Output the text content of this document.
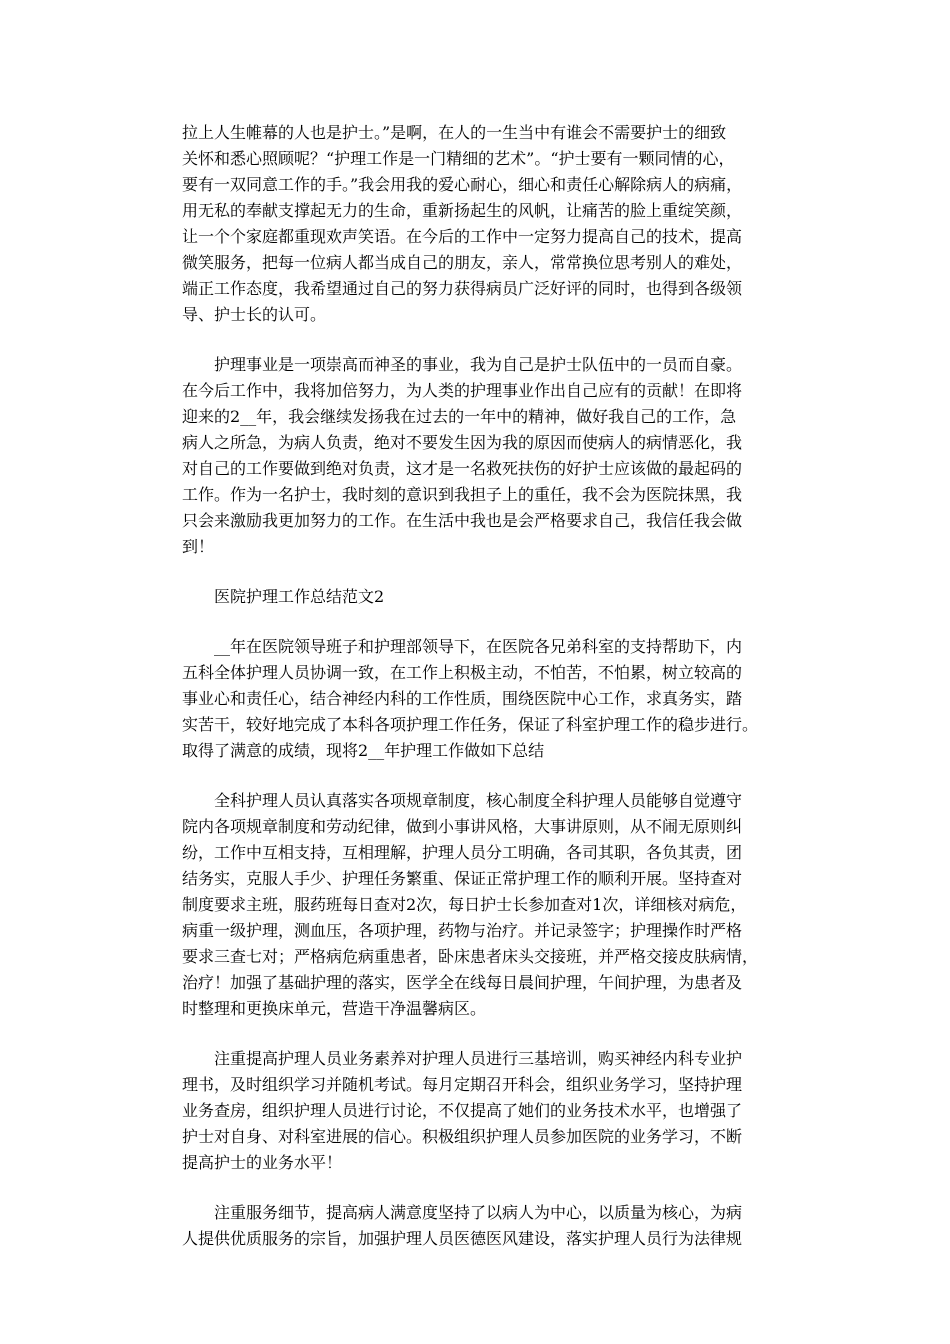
拉上人生帷幕的人也是护士。”是啊，在人的一生当中有谁会不需要护士的细致
关怀和悉心照顾呢？“护理工作是一门精细的艺术”。“护士要有一颗同情的心，
要有一双同意工作的手。”我会用我的爱心耐心，细心和责任心解除病人的病痛，
用无私的奉献支撑起无力的生命，重新扬起生的风帆，让痛苦的脸上重绽笑颜，
让一个个家庭都重现欢声笑语。在今后的工作中一定努力提高自己的技术，提高
微笑服务，把每一位病人都当成自己的朋友，亲人，常常换位思考别人的难处，
端正工作态度，我希望通过自己的努力获得病员广泛好评的同时，也得到各级领
导、护士长的认可。
护理事业是一项崇高而神圣的事业，我为自己是护士队伍中的一员而自豪。
在今后工作中，我将加倍努力，为人类的护理事业作出自己应有的贡献！在即将
迎来的2__年，我会继续发扬我在过去的一年中的精神，做好我自己的工作，急
病人之所急，为病人负责，绝对不要发生因为我的原因而使病人的病情恶化，我
对自己的工作要做到绝对负责，这才是一名救死扶伤的好护士应该做的最起码的
工作。作为一名护士，我时刻的意识到我担子上的重任，我不会为医院抹黑，我
只会来激励我更加努力的工作。在生活中我也是会严格要求自己，我信任我会做
到！
医院护理工作总结范文2
__年在医院领导班子和护理部领导下，在医院各兄弟科室的支持帮助下，内
五科全体护理人员协调一致，在工作上积极主动，不怕苦，不怕累，树立较高的
事业心和责任心，结合神经内科的工作性质，围绕医院中心工作，求真务实，踏
实苦干，较好地完成了本科各项护理工作任务，保证了科室护理工作的稳步进行。
取得了满意的成绩，现将2__年护理工作做如下总结
全科护理人员认真落实各项规章制度，核心制度全科护理人员能够自觉遵守
院内各项规章制度和劳动纪律，做到小事讲风格，大事讲原则，从不闹无原则纠
纷，工作中互相支持，互相理解，护理人员分工明确，各司其职，各负其责，团
结务实，克服人手少、护理任务繁重、保证正常护理工作的顺利开展。坚持查对
制度要求主班，服药班每日查对2次，每日护士长参加查对1次，详细核对病危，
病重一级护理，测血压，各项护理，药物与治疗。并记录签字；护理操作时严格
要求三查七对；严格病危病重患者，卧床患者床头交接班，并严格交接皮肤病情，
治疗！加强了基础护理的落实，医学全在线每日晨间护理，午间护理，为患者及
时整理和更换床单元，营造干净温馨病区。
注重提高护理人员业务素养对护理人员进行三基培训，购买神经内科专业护
理书，及时组织学习并随机考试。每月定期召开科会，组织业务学习，坚持护理
业务查房，组织护理人员进行讨论，不仅提高了她们的业务技术水平，也增强了
护士对自身、对科室进展的信心。积极组织护理人员参加医院的业务学习，不断
提高护士的业务水平！
注重服务细节，提高病人满意度坚持了以病人为中心，以质量为核心，为病
人提供优质服务的宗旨，加强护理人员医德医风建设，落实护理人员行为法律规
